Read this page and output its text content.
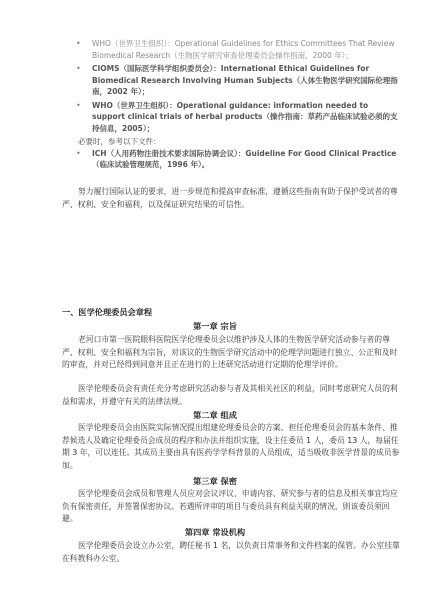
• WHO（世界卫生组织）：Operational Guidelines for Ethics Committees That Review Biomedical Research（生物医学研究审查伦理委员会操作指南，2000 年）；
• CIOMS（国际医学科学组织委员会）：International Ethical Guidelines for Biomedical Research Involving Human Subjects（人体生物医学研究国际伦理指南，2002 年）；
• WHO（世界卫生组织）：Operational guidance: information needed to support clinical trials of herbal products（操作指南：草药产品临床试验必须的支持信息，2005）；
必要时，参考以下文件：
• ICH（人用药物注册技术要求国际协调会议）：Guideline For Good Clinical Practice（临床试验管理规范，1996 年）。
努力履行国际认证的要求，进一步规范和提高审查标准，遵循这些指南有助于保护受试者的尊严、权利、安全和福利，以及保证研究结果的可信性。
一、医学伦理委员会章程
第一章 宗旨
老河口市第一医院眼科医院医学伦理委员会以维护涉及人体的生物医学研究活动参与者的尊严、权利、安全和福利为宗旨，对该议的生物医学研究活动中的伦理学问题进行独立、公正和及时的审查，并对已经得到同意并且正在进行的上述研究活动进行定期的伦理学评价。
医学伦理委员会有责任充分考虑研究活动参与者及其相关社区的利益，同时考虑研究人员的利益和需求，并遵守有关的法律法规。
第二章 组成
医学伦理委员会由医院实际情况提出组建伦理委员会的方案、担任伦理委员会的基本条件、推荐候选人及确定伦理委员会成员的程序和办法并组织实施，设主任委员 1 人，委员 13 人，每届任期 3 年，可以连任。其成员主要由具有医药学学科背景的人员组成，适当吸收非医学背景的成员参加。
第三章 保密
医学伦理委员会成员和管理人员应对会议评议、申请内容、研究参与者的信息及相关事宜均应负有保密责任，并签署保密协议。若遇所评审的项目与委员具有利益关联的情况，则该委员须回避。
第四章 常设机构
医学伦理委员会设立办公室，聘任秘书 1 名，以负责日常事务和文件档案的保管。办公室挂靠在科教科办公室。
